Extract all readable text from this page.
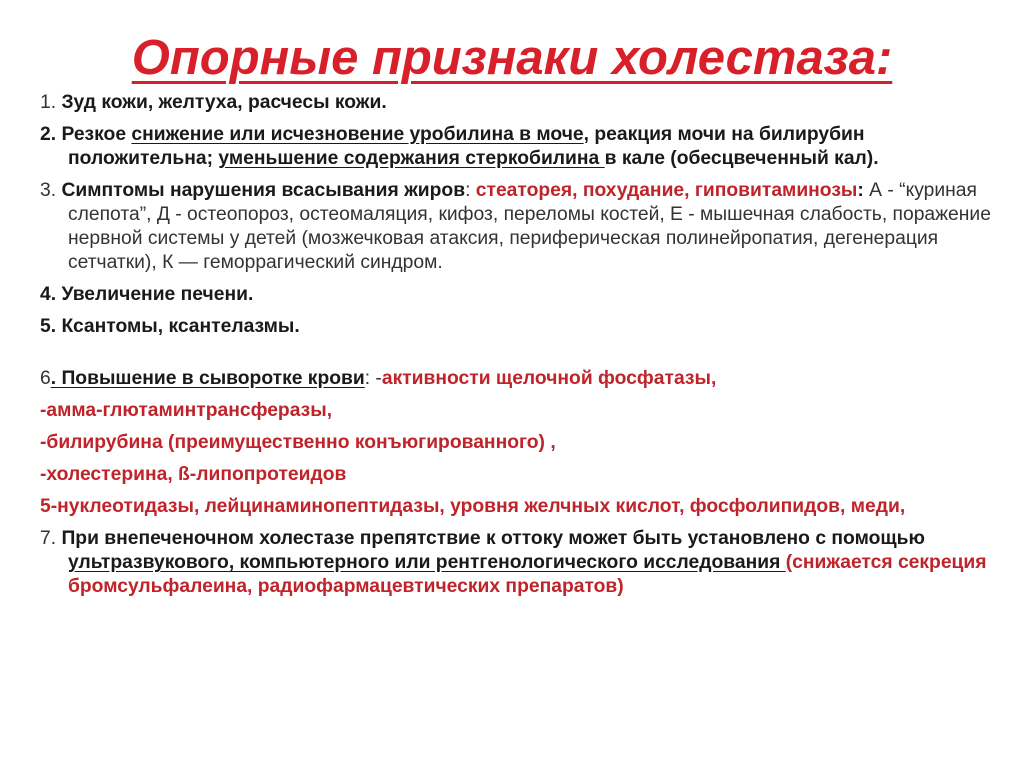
Опорные признаки холестаза:

1. Зуд кожи, желтуха, расчесы кожи.

2. Резкое снижение или исчезновение уробилина в моче, реакция мочи на билирубин положительна; уменьшение содержания стеркобилина в кале (обесцвеченный кал).

3. Симптомы нарушения всасывания жиров: стеаторея, похудание, гиповитаминозы: А - “куриная слепота”, Д - остеопороз, остеомаляция, кифоз, переломы костей, Е - мышечная слабость, поражение нервной системы у детей (мозжечковая атаксия, периферическая полинейропатия, дегенерация сетчатки), К — геморрагический синдром.

4. Увеличение печени.

5. Ксантомы, ксантелазмы.

6. Повышение в сыворотке крови: -активности щелочной фосфатазы,

-амма-глютаминтрансферазы,

-билирубина (преимущественно конъюгированного) ,

-холестерина, ß-липопротеидов

5-нуклеотидазы, лейцинаминопептидазы, уровня желчных кислот, фосфолипидов, меди,

7. При внепеченочном холестазе препятствие к оттоку может быть установлено с помощью ультразвукового, компьютерного или рентгенологического исследования (снижается секреция бромсульфалеина, радиофармацевтических препаратов)
